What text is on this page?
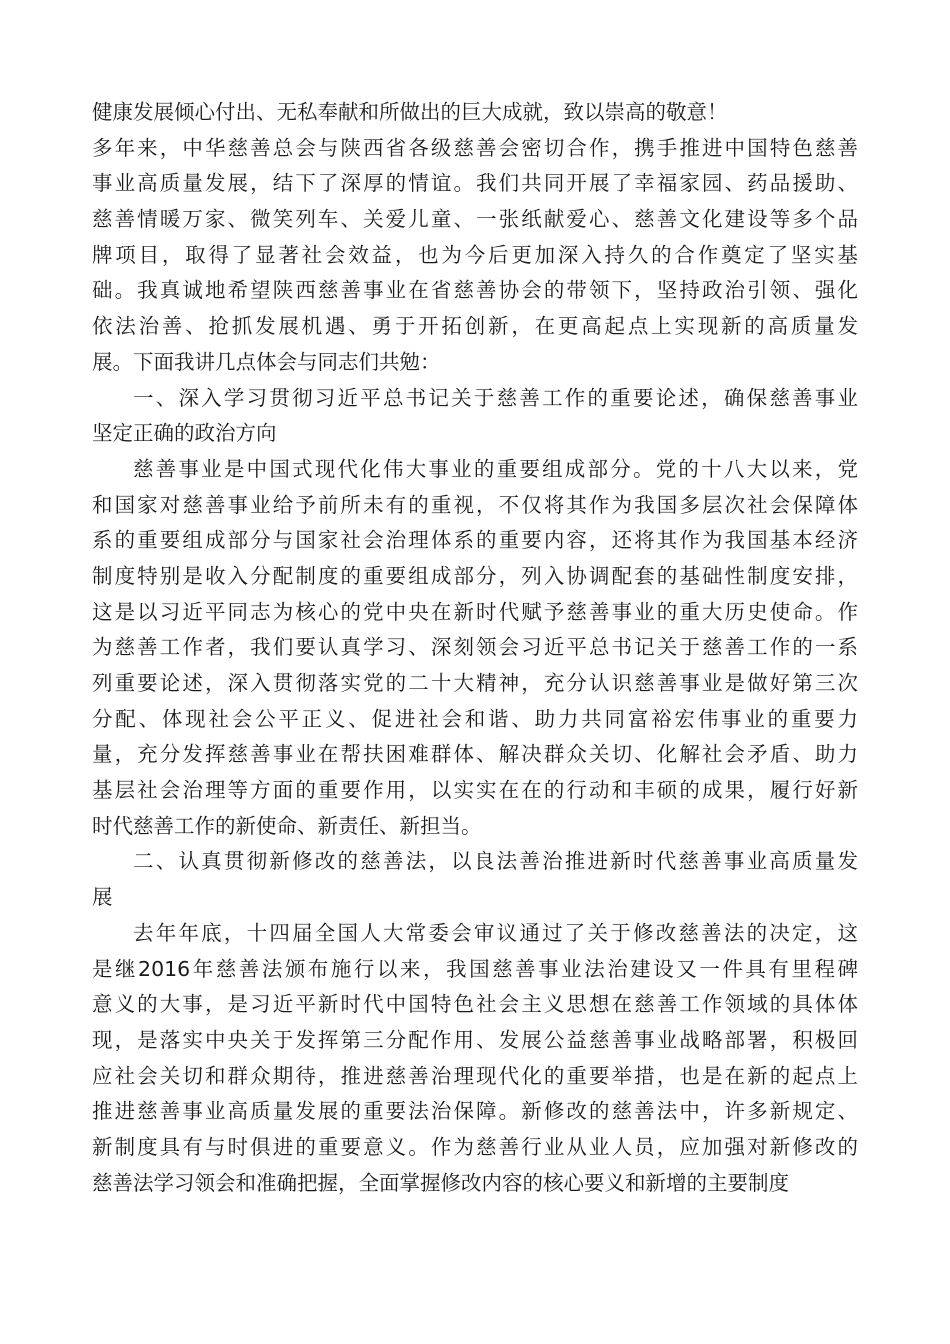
健康发展倾心付出、无私奉献和所做出的巨大成就，致以崇高的敬意！
多年来，中华慈善总会与陕西省各级慈善会密切合作，携手推进中国特色慈善
事业高质量发展，结下了深厚的情谊。我们共同开展了幸福家园、药品援助、
慈善情暖万家、微笑列车、关爱儿童、一张纸献爱心、慈善文化建设等多个品
牌项目，取得了显著社会效益，也为今后更加深入持久的合作奠定了坚实基
础。我真诚地希望陕西慈善事业在省慈善协会的带领下，坚持政治引领、强化
依法治善、抢抓发展机遇、勇于开拓创新，在更高起点上实现新的高质量发
展。下面我讲几点体会与同志们共勉：
一、深入学习贯彻习近平总书记关于慈善工作的重要论述，确保慈善事业
坚定正确的政治方向
慈善事业是中国式现代化伟大事业的重要组成部分。党的十八大以来，党
和国家对慈善事业给予前所未有的重视，不仅将其作为我国多层次社会保障体
系的重要组成部分与国家社会治理体系的重要内容，还将其作为我国基本经济
制度特别是收入分配制度的重要组成部分，列入协调配套的基础性制度安排，
这是以习近平同志为核心的党中央在新时代赋予慈善事业的重大历史使命。作
为慈善工作者，我们要认真学习、深刻领会习近平总书记关于慈善工作的一系
列重要论述，深入贯彻落实党的二十大精神，充分认识慈善事业是做好第三次
分配、体现社会公平正义、促进社会和谐、助力共同富裕宏伟事业的重要力
量，充分发挥慈善事业在帮扶困难群体、解决群众关切、化解社会矛盾、助力
基层社会治理等方面的重要作用，以实实在在的行动和丰硕的成果，履行好新
时代慈善工作的新使命、新责任、新担当。
二、认真贯彻新修改的慈善法，以良法善治推进新时代慈善事业高质量发
展
去年年底，十四届全国人大常委会审议通过了关于修改慈善法的决定，这
是继2016年慈善法颁布施行以来，我国慈善事业法治建设又一件具有里程碑
意义的大事，是习近平新时代中国特色社会主义思想在慈善工作领域的具体体
现，是落实中央关于发挥第三分配作用、发展公益慈善事业战略部署，积极回
应社会关切和群众期待，推进慈善治理现代化的重要举措，也是在新的起点上
推进慈善事业高质量发展的重要法治保障。新修改的慈善法中，许多新规定、
新制度具有与时俱进的重要意义。作为慈善行业从业人员，应加强对新修改的
慈善法学习领会和准确把握，全面掌握修改内容的核心要义和新增的主要制度
